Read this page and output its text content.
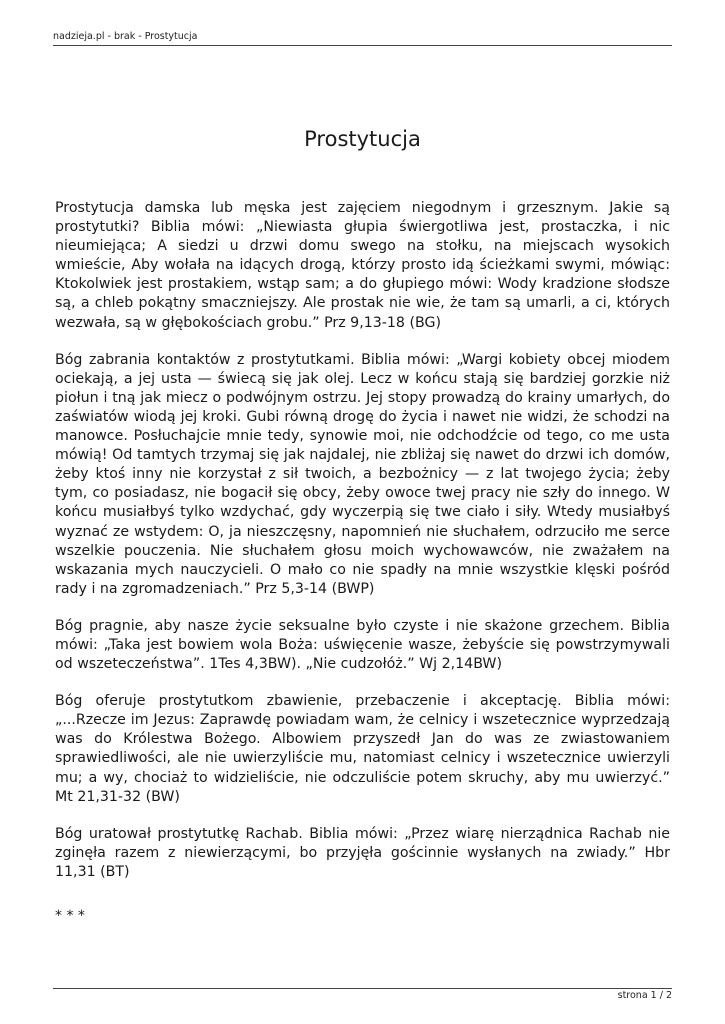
nadzieja.pl - brak - Prostytucja
Prostytucja

Prostytucja damska lub męska jest zajęciem niegodnym i grzesznym. Jakie są prostytutki? Biblia mówi: „Niewiasta głupia świergotliwa jest, prostaczka, i nic nieumiejąca; A siedzi u drzwi domu swego na stołku, na miejscach wysokich wmieście, Aby wołała na idących drogą, którzy prosto idą ścieżkami swymi, mówiąc: Ktokolwiek jest prostakiem, wstąp sam; a do głupiego mówi: Wody kradzione słodsze są, a chleb pokątny smaczniejszy. Ale prostak nie wie, że tam są umarli, a ci, których wezwała, są w głębokościach grobu.” Prz 9,13-18 (BG)

Bóg zabrania kontaktów z prostytutkami. Biblia mówi: „Wargi kobiety obcej miodem ociekają, a jej usta — świecą się jak olej. Lecz w końcu stają się bardziej gorzkie niż piołun i tną jak miecz o podwójnym ostrzu. Jej stopy prowadzą do krainy umarłych, do zaświatów wiodą jej kroki. Gubi równą drogę do życia i nawet nie widzi, że schodzi na manowce. Posłuchajcie mnie tedy, synowie moi, nie odchodźcie od tego, co me usta mówią! Od tamtych trzymaj się jak najdalej, nie zbliżaj się nawet do drzwi ich domów, żeby ktoś inny nie korzystał z sił twoich, a bezbożnicy — z lat twojego życia; żeby tym, co posiadasz, nie bogacił się obcy, żeby owoce twej pracy nie szły do innego. W końcu musiałbyś tylko wzdychać, gdy wyczerpią się twe ciało i siły. Wtedy musiałbyś wyznać ze wstydem: O, ja nieszczęsny, napomnień nie słuchałem, odrzuciło me serce wszelkie pouczenia. Nie słuchałem głosu moich wychowawców, nie zważałem na wskazania mych nauczycieli. O mało co nie spadły na mnie wszystkie klęski pośród rady i na zgromadzeniach.” Prz 5,3-14 (BWP)

Bóg pragnie, aby nasze życie seksualne było czyste i nie skażone grzechem. Biblia mówi: „Taka jest bowiem wola Boża: uświęcenie wasze, żebyście się powstrzymywali od wszeteczeństwa”. 1Tes 4,3BW). „Nie cudzołóż.” Wj 2,14BW)

Bóg oferuje prostytutkom zbawienie, przebaczenie i akceptację. Biblia mówi: „...Rzecze im Jezus: Zaprawdę powiadam wam, że celnicy i wszetecznice wyprzedzają was do Królestwa Bożego. Albowiem przyszedł Jan do was ze zwiastowaniem sprawiedliwości, ale nie uwierzyliście mu, natomiast celnicy i wszetecznice uwierzyli mu; a wy, chociaż to widzieliście, nie odczuliście potem skruchy, aby mu uwierzyć.” Mt 21,31-32 (BW)

Bóg uratował prostytutkę Rachab. Biblia mówi: „Przez wiarę nierządnica Rachab nie zginęła razem z niewierzącymi, bo przyjęła gościnnie wysłanych na zwiady.” Hbr 11,31 (BT)

* * *
strona 1 / 2
